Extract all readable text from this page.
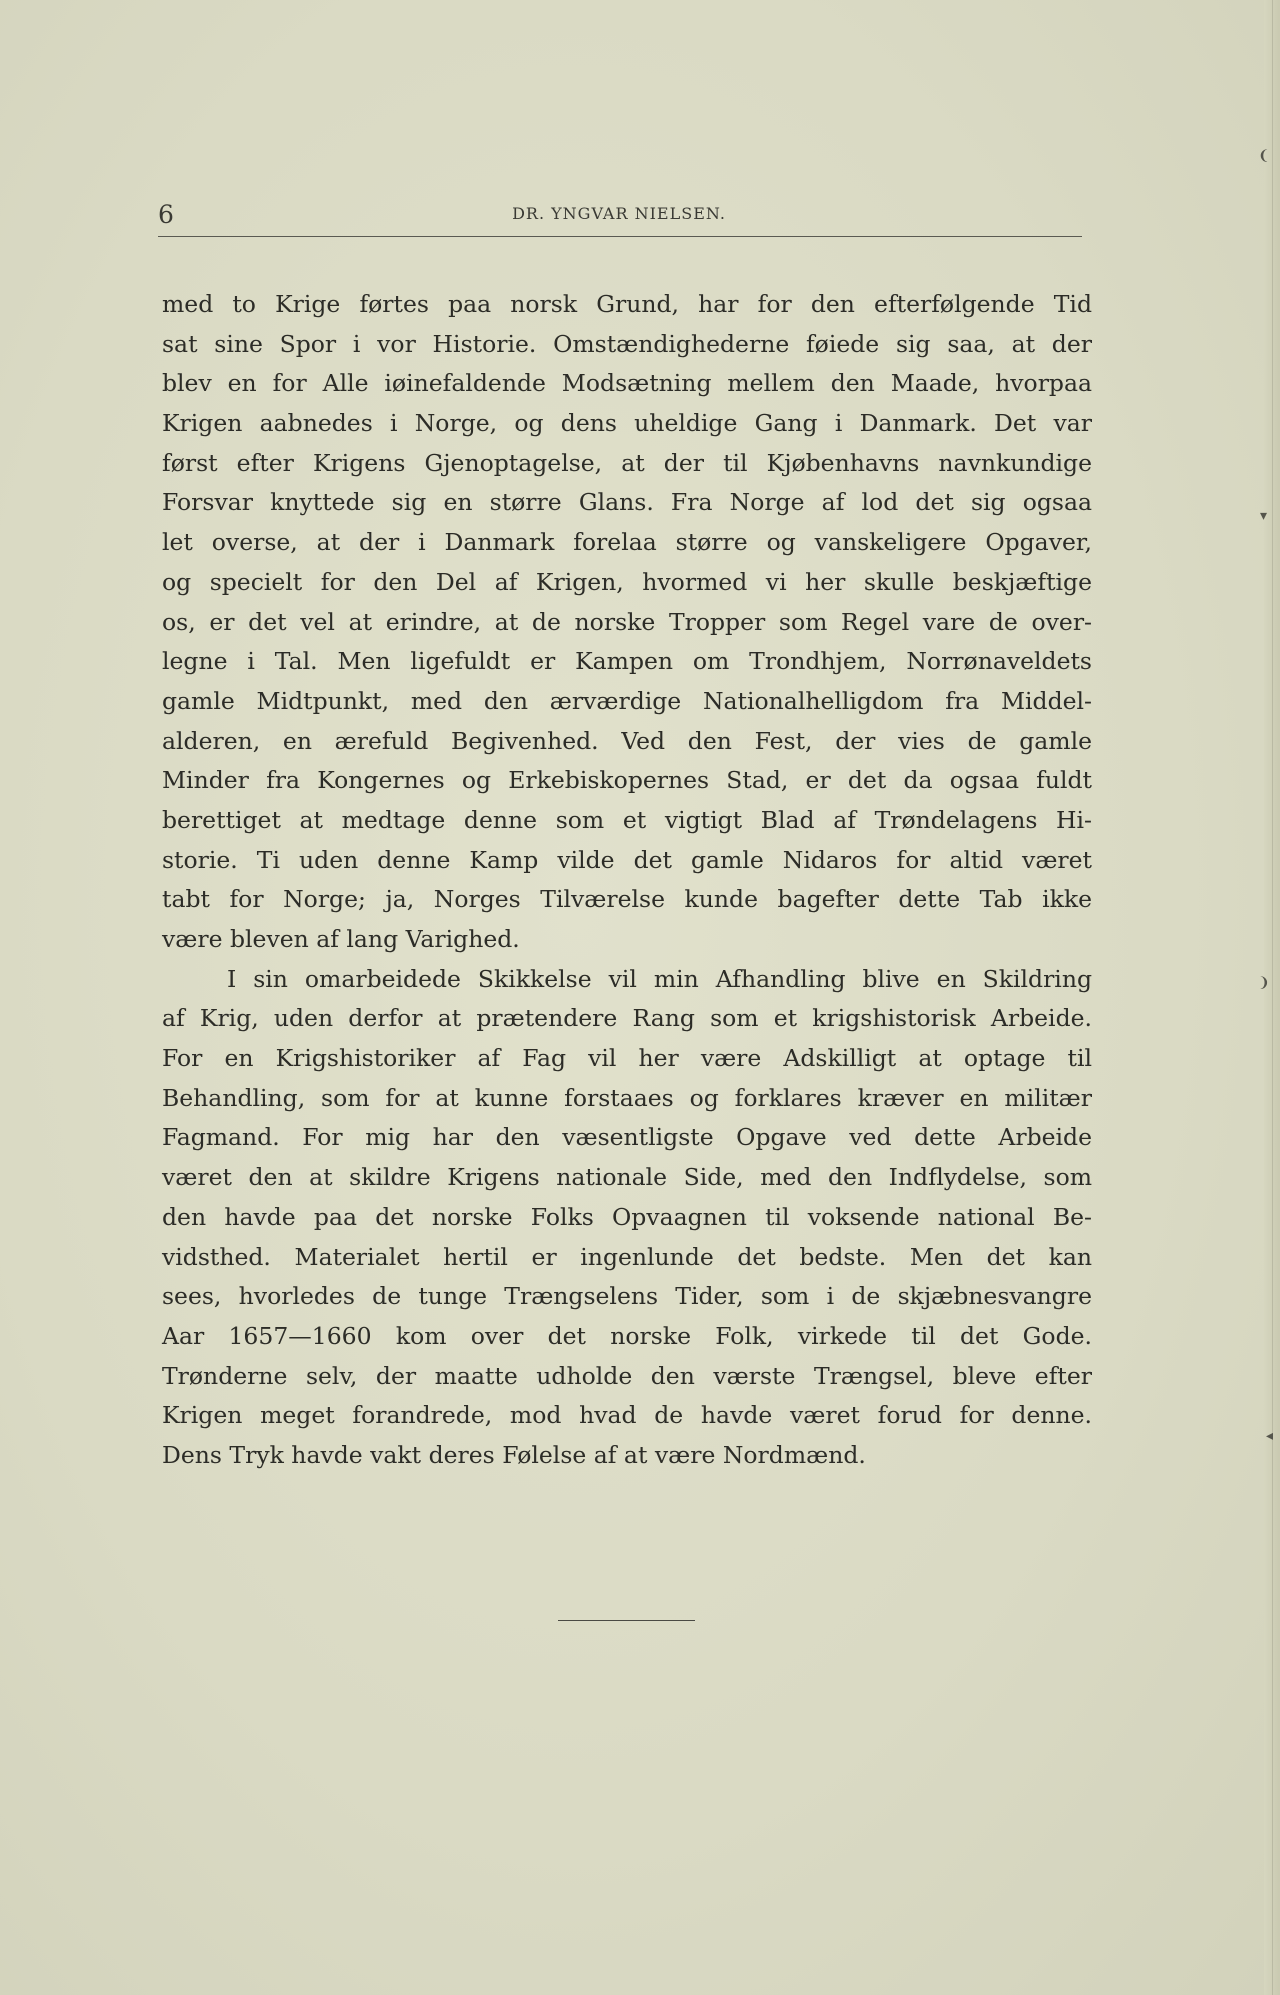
❨
▾
❩
◂
6	DR. YNGVAR NIELSEN.
med to Krige førtes paa norsk Grund, har for den efterfølgende Tid
sat sine Spor i vor Historie. Omstændighederne føiede sig saa, at der
blev en for Alle iøinefaldende Modsætning mellem den Maade, hvorpaa
Krigen aabnedes i Norge, og dens uheldige Gang i Danmark. Det var
først efter Krigens Gjenoptagelse, at der til Kjøbenhavns navnkundige
Forsvar knyttede sig en større Glans. Fra Norge af lod det sig ogsaa
let overse, at der i Danmark forelaa større og vanskeligere Opgaver,
og specielt for den Del af Krigen, hvormed vi her skulle beskjæftige
os, er det vel at erindre, at de norske Tropper som Regel vare de over-
legne i Tal. Men ligefuldt er Kampen om Trondhjem, Norrønaveldets
gamle Midtpunkt, med den ærværdige Nationalhelligdom fra Middel-
alderen, en ærefuld Begivenhed. Ved den Fest, der vies de gamle
Minder fra Kongernes og Erkebiskopernes Stad, er det da ogsaa fuldt
berettiget at medtage denne som et vigtigt Blad af Trøndelagens Hi-
storie. Ti uden denne Kamp vilde det gamle Nidaros for altid været
tabt for Norge; ja, Norges Tilværelse kunde bagefter dette Tab ikke
være bleven af lang Varighed.
I sin omarbeidede Skikkelse vil min Afhandling blive en Skildring
af Krig, uden derfor at prætendere Rang som et krigshistorisk Arbeide.
For en Krigshistoriker af Fag vil her være Adskilligt at optage til
Behandling, som for at kunne forstaaes og forklares kræver en militær
Fagmand. For mig har den væsentligste Opgave ved dette Arbeide
været den at skildre Krigens nationale Side, med den Indflydelse, som
den havde paa det norske Folks Opvaagnen til voksende national Be-
vidsthed. Materialet hertil er ingenlunde det bedste. Men det kan
sees, hvorledes de tunge Trængselens Tider, som i de skjæbnesvangre
Aar 1657—1660 kom over det norske Folk, virkede til det Gode.
Trønderne selv, der maatte udholde den værste Trængsel, bleve efter
Krigen meget forandrede, mod hvad de havde været forud for denne.
Dens Tryk havde vakt deres Følelse af at være Nordmænd.
